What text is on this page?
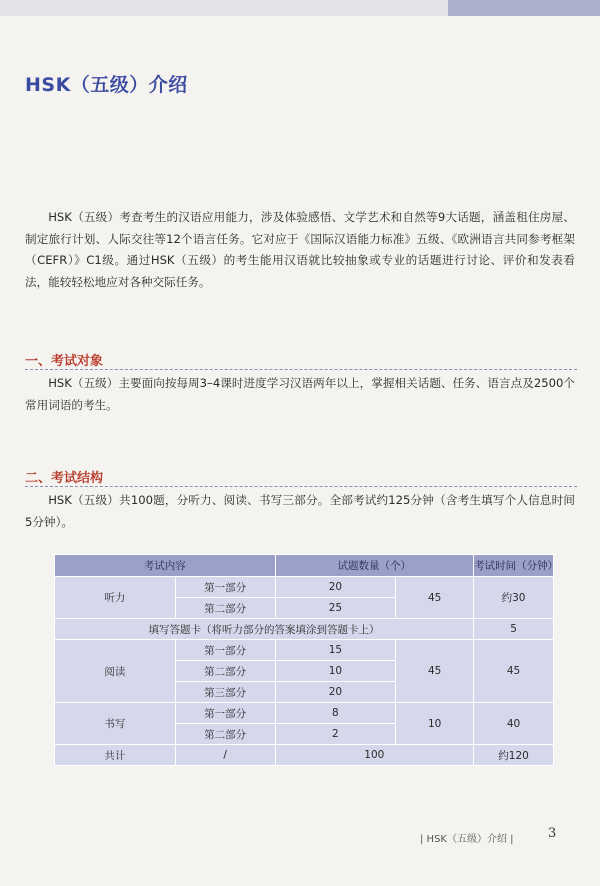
HSK（五级）介绍

HSK（五级）考查考生的汉语应用能力，涉及体验感悟、文学艺术和自然等9大话题，涵盖租住房屋、制定旅行计划、人际交往等12个语言任务。它对应于《国际汉语能力标准》五级、《欧洲语言共同参考框架（CEFR）》C1级。通过HSK（五级）的考生能用汉语就比较抽象或专业的话题进行讨论、评价和发表看法，能较轻松地应对各种交际任务。

一、考试对象

HSK（五级）主要面向按每周3–4课时进度学习汉语两年以上，掌握相关话题、任务、语言点及2500个常用词语的考生。

二、考试结构

HSK（五级）共100题，分听力、阅读、书写三部分。全部考试约125分钟（含考生填写个人信息时间5分钟）。

考试内容		试题数量（个）		考试时间（分钟）
听力	第一部分	20	45	约30
	第二部分	25		
填写答题卡（将听力部分的答案填涂到答题卡上）				5
阅读	第一部分	15	45	45
	第二部分	10		
	第三部分	20		
书写	第一部分	8	10	40
	第二部分	2		
共计	/	100		约120
| HSK（五级）介绍 |	3
